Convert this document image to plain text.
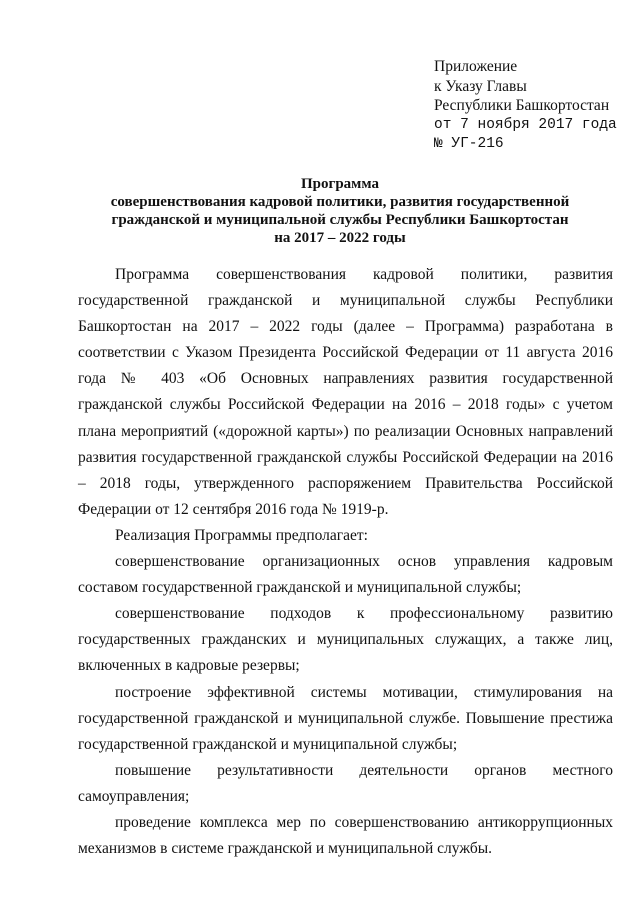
Приложение
к Указу Главы
Республики Башкортостан
от 7 ноября 2017 года
№ УГ-216
Программа
совершенствования кадровой политики, развития государственной
гражданской и муниципальной службы Республики Башкортостан
на 2017 – 2022 годы

Программа совершенствования кадровой политики, развития государственной гражданской и муниципальной службы Республики Башкортостан на 2017 – 2022 годы (далее – Программа) разработана в соответствии с Указом Президента Российской Федерации от 11 августа 2016 года № 403 «Об Основных направлениях развития государственной гражданской службы Российской Федерации на 2016 – 2018 годы» с учетом плана мероприятий («дорожной карты») по реализации Основных направлений развития государственной гражданской службы Российской Федерации на 2016 – 2018 годы, утвержденного распоряжением Правительства Российской Федерации от 12 сентября 2016 года № 1919-р.

Реализация Программы предполагает:

совершенствование организационных основ управления кадровым составом государственной гражданской и муниципальной службы;

совершенствование подходов к профессиональному развитию государственных гражданских и муниципальных служащих, а также лиц, включенных в кадровые резервы;

построение эффективной системы мотивации, стимулирования на государственной гражданской и муниципальной службе. Повышение престижа государственной гражданской и муниципальной службы;

повышение результативности деятельности органов местного самоуправления;

проведение комплекса мер по совершенствованию антикоррупционных механизмов в системе гражданской и муниципальной службы.
